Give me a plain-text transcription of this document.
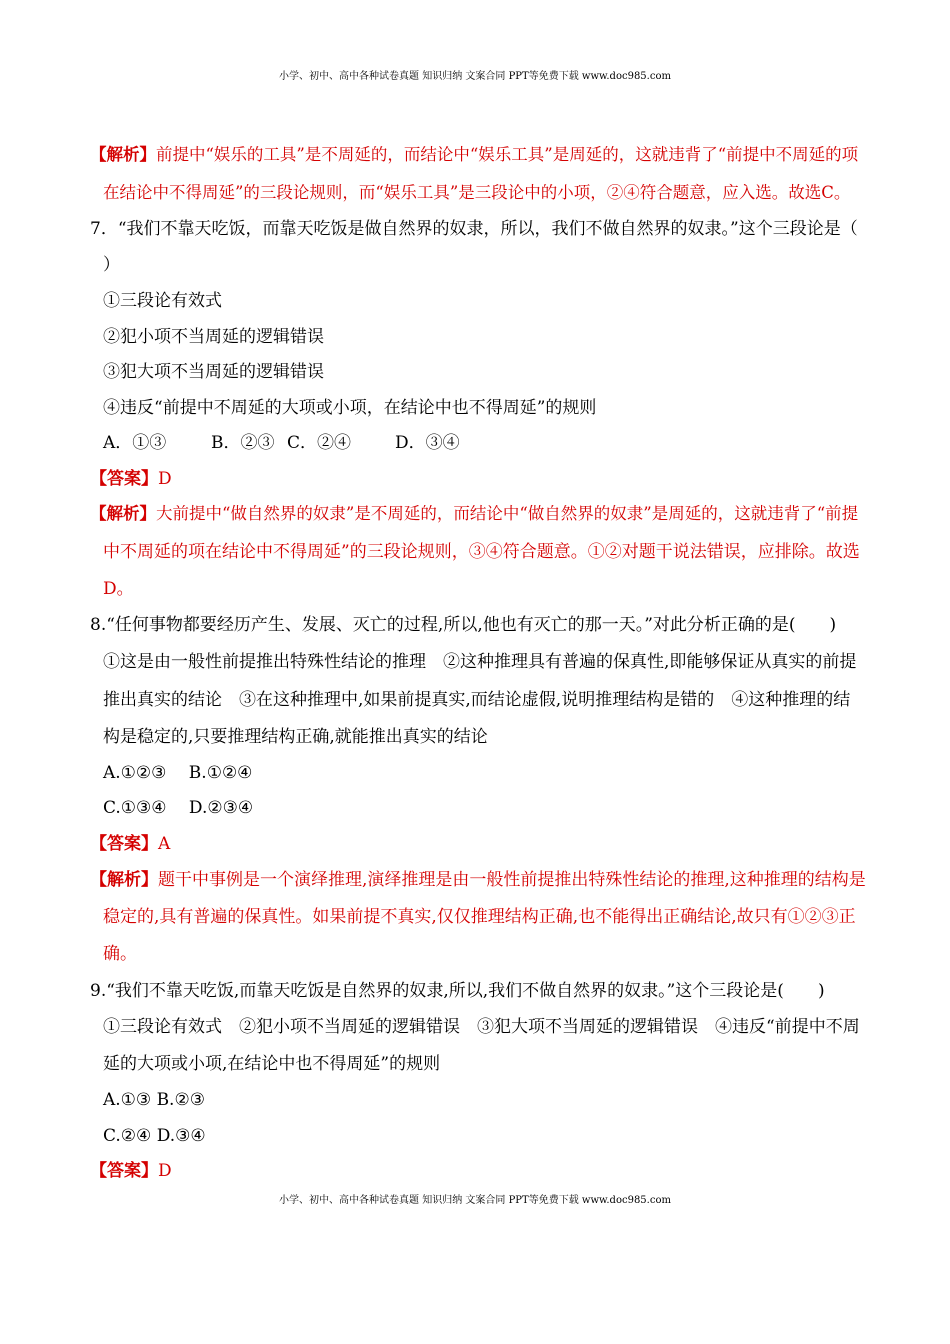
小学、初中、高中各种试卷真题 知识归纳 文案合同 PPT等免费下载 www.doc985.com
【解析】前提中“娱乐的工具”是不周延的，而结论中“娱乐工具”是周延的，这就违背了“前提中不周延的项
在结论中不得周延”的三段论规则，而“娱乐工具”是三段论中的小项，②④符合题意，应入选。故选C。
7．“我们不靠天吃饭，而靠天吃饭是做自然界的奴隶，所以，我们不做自然界的奴隶。”这个三段论是（
）
①三段论有效式
②犯小项不当周延的逻辑错误
③犯大项不当周延的逻辑错误
④违反“前提中不周延的大项或小项，在结论中也不得周延”的规则
A．①③	B．②③ C．②④	D．③④
【答案】D
【解析】大前提中“做自然界的奴隶”是不周延的，而结论中“做自然界的奴隶”是周延的，这就违背了“前提
中不周延的项在结论中不得周延”的三段论规则，③④符合题意。①②对题干说法错误，应排除。故选
D。
8.“任何事物都要经历产生、发展、灭亡的过程,所以,他也有灭亡的那一天。”对此分析正确的是(　　)
①这是由一般性前提推出特殊性结论的推理　②这种推理具有普遍的保真性,即能够保证从真实的前提
推出真实的结论　③在这种推理中,如果前提真实,而结论虚假,说明推理结构是错的　④这种推理的结
构是稳定的,只要推理结构正确,就能推出真实的结论
A.①②③　 B.①②④
C.①③④　 D.②③④
【答案】A
【解析】题干中事例是一个演绎推理,演绎推理是由一般性前提推出特殊性结论的推理,这种推理的结构是
稳定的,具有普遍的保真性。如果前提不真实,仅仅推理结构正确,也不能得出正确结论,故只有①②③正
确。
9.“我们不靠天吃饭,而靠天吃饭是自然界的奴隶,所以,我们不做自然界的奴隶。”这个三段论是(　　)
①三段论有效式　②犯小项不当周延的逻辑错误　③犯大项不当周延的逻辑错误　④违反“前提中不周
延的大项或小项,在结论中也不得周延”的规则
A.①③ B.②③
C.②④ D.③④
【答案】D
小学、初中、高中各种试卷真题 知识归纳 文案合同 PPT等免费下载 www.doc985.com
